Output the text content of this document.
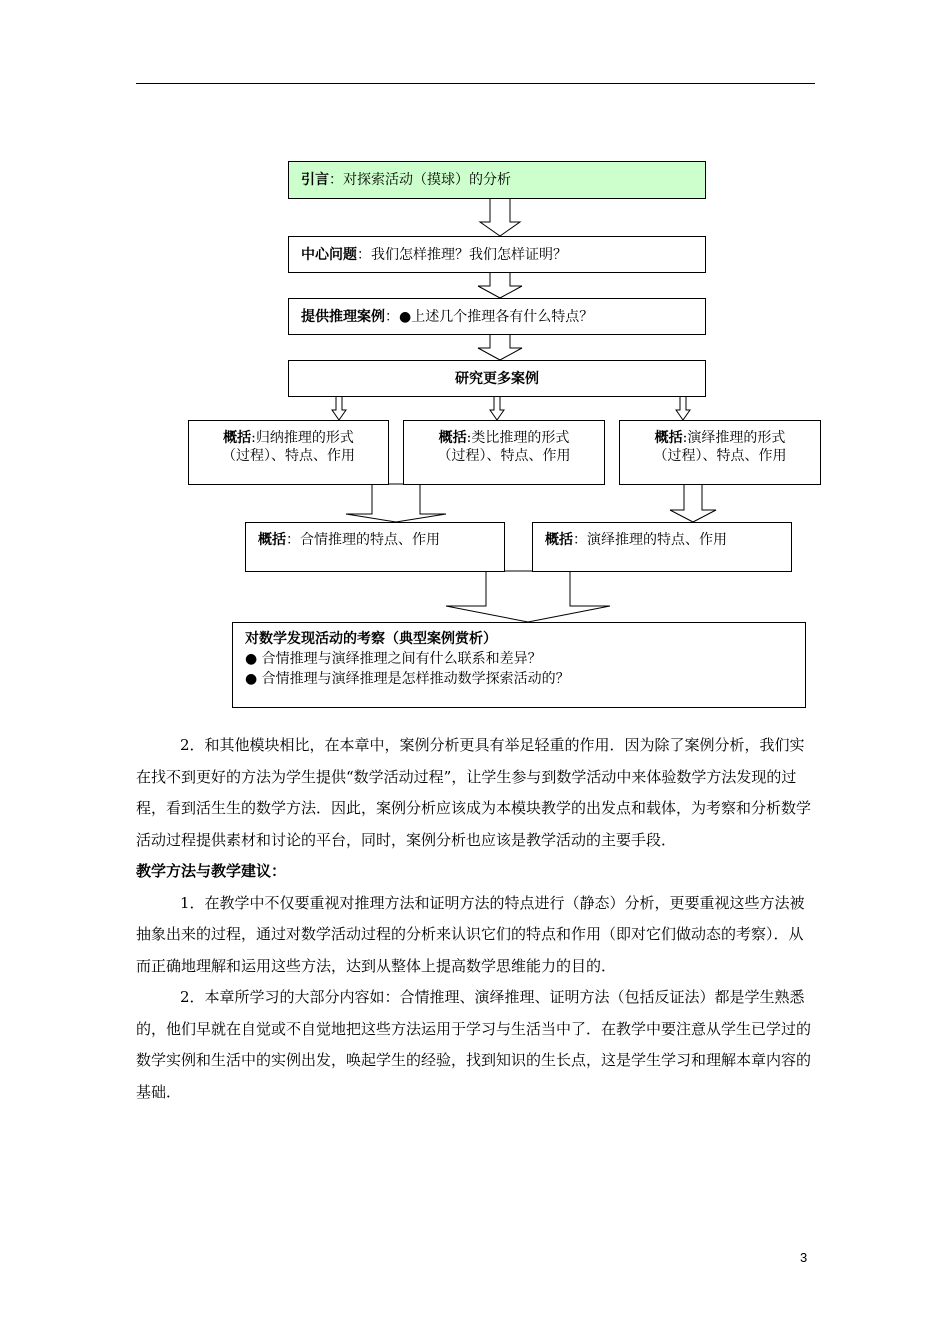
引言 ：对探索活动（摸球）的分析
中心问题 ：我们怎样推理？我们怎样证明？
提供推理案例 ：●上述几个推理各有什么特点？
研究更多案例
概括:归纳推理的形式
（过程）、特点、作用
概括:类比推理的形式
（过程）、特点、作用
概括:演绎推理的形式
（过程）、特点、作用
概括：合情推理的特点、作用	概括：演绎推理的特点、作用
对数学发现活动的考察（典型案例赏析）
● 合情推理与演绎推理之间有什么联系和差异？
● 合情推理与演绎推理是怎样推动数学探索活动的？

2．和其他模块相比，在本章中，案例分析更具有举足轻重的作用．因为除了案例分析，我们实在找不到更好的方法为学生提供“数学活动过程”，让学生参与到数学活动中来体验数学方法发现的过程，看到活生生的数学方法．因此，案例分析应该成为本模块教学的出发点和载体，为考察和分析数学活动过程提供素材和讨论的平台，同时，案例分析也应该是教学活动的主要手段．

教学方法与教学建议：

1．在教学中不仅要重视对推理方法和证明方法的特点进行（静态）分析，更要重视这些方法被抽象出来的过程，通过对数学活动过程的分析来认识它们的特点和作用（即对它们做动态的考察）．从而正确地理解和运用这些方法，达到从整体上提高数学思维能力的目的．

2．本章所学习的大部分内容如：合情推理、演绎推理、证明方法（包括反证法）都是学生熟悉的，他们早就在自觉或不自觉地把这些方法运用于学习与生活当中了．在教学中要注意从学生已学过的数学实例和生活中的实例出发，唤起学生的经验，找到知识的生长点，这是学生学习和理解本章内容的基础．

3
